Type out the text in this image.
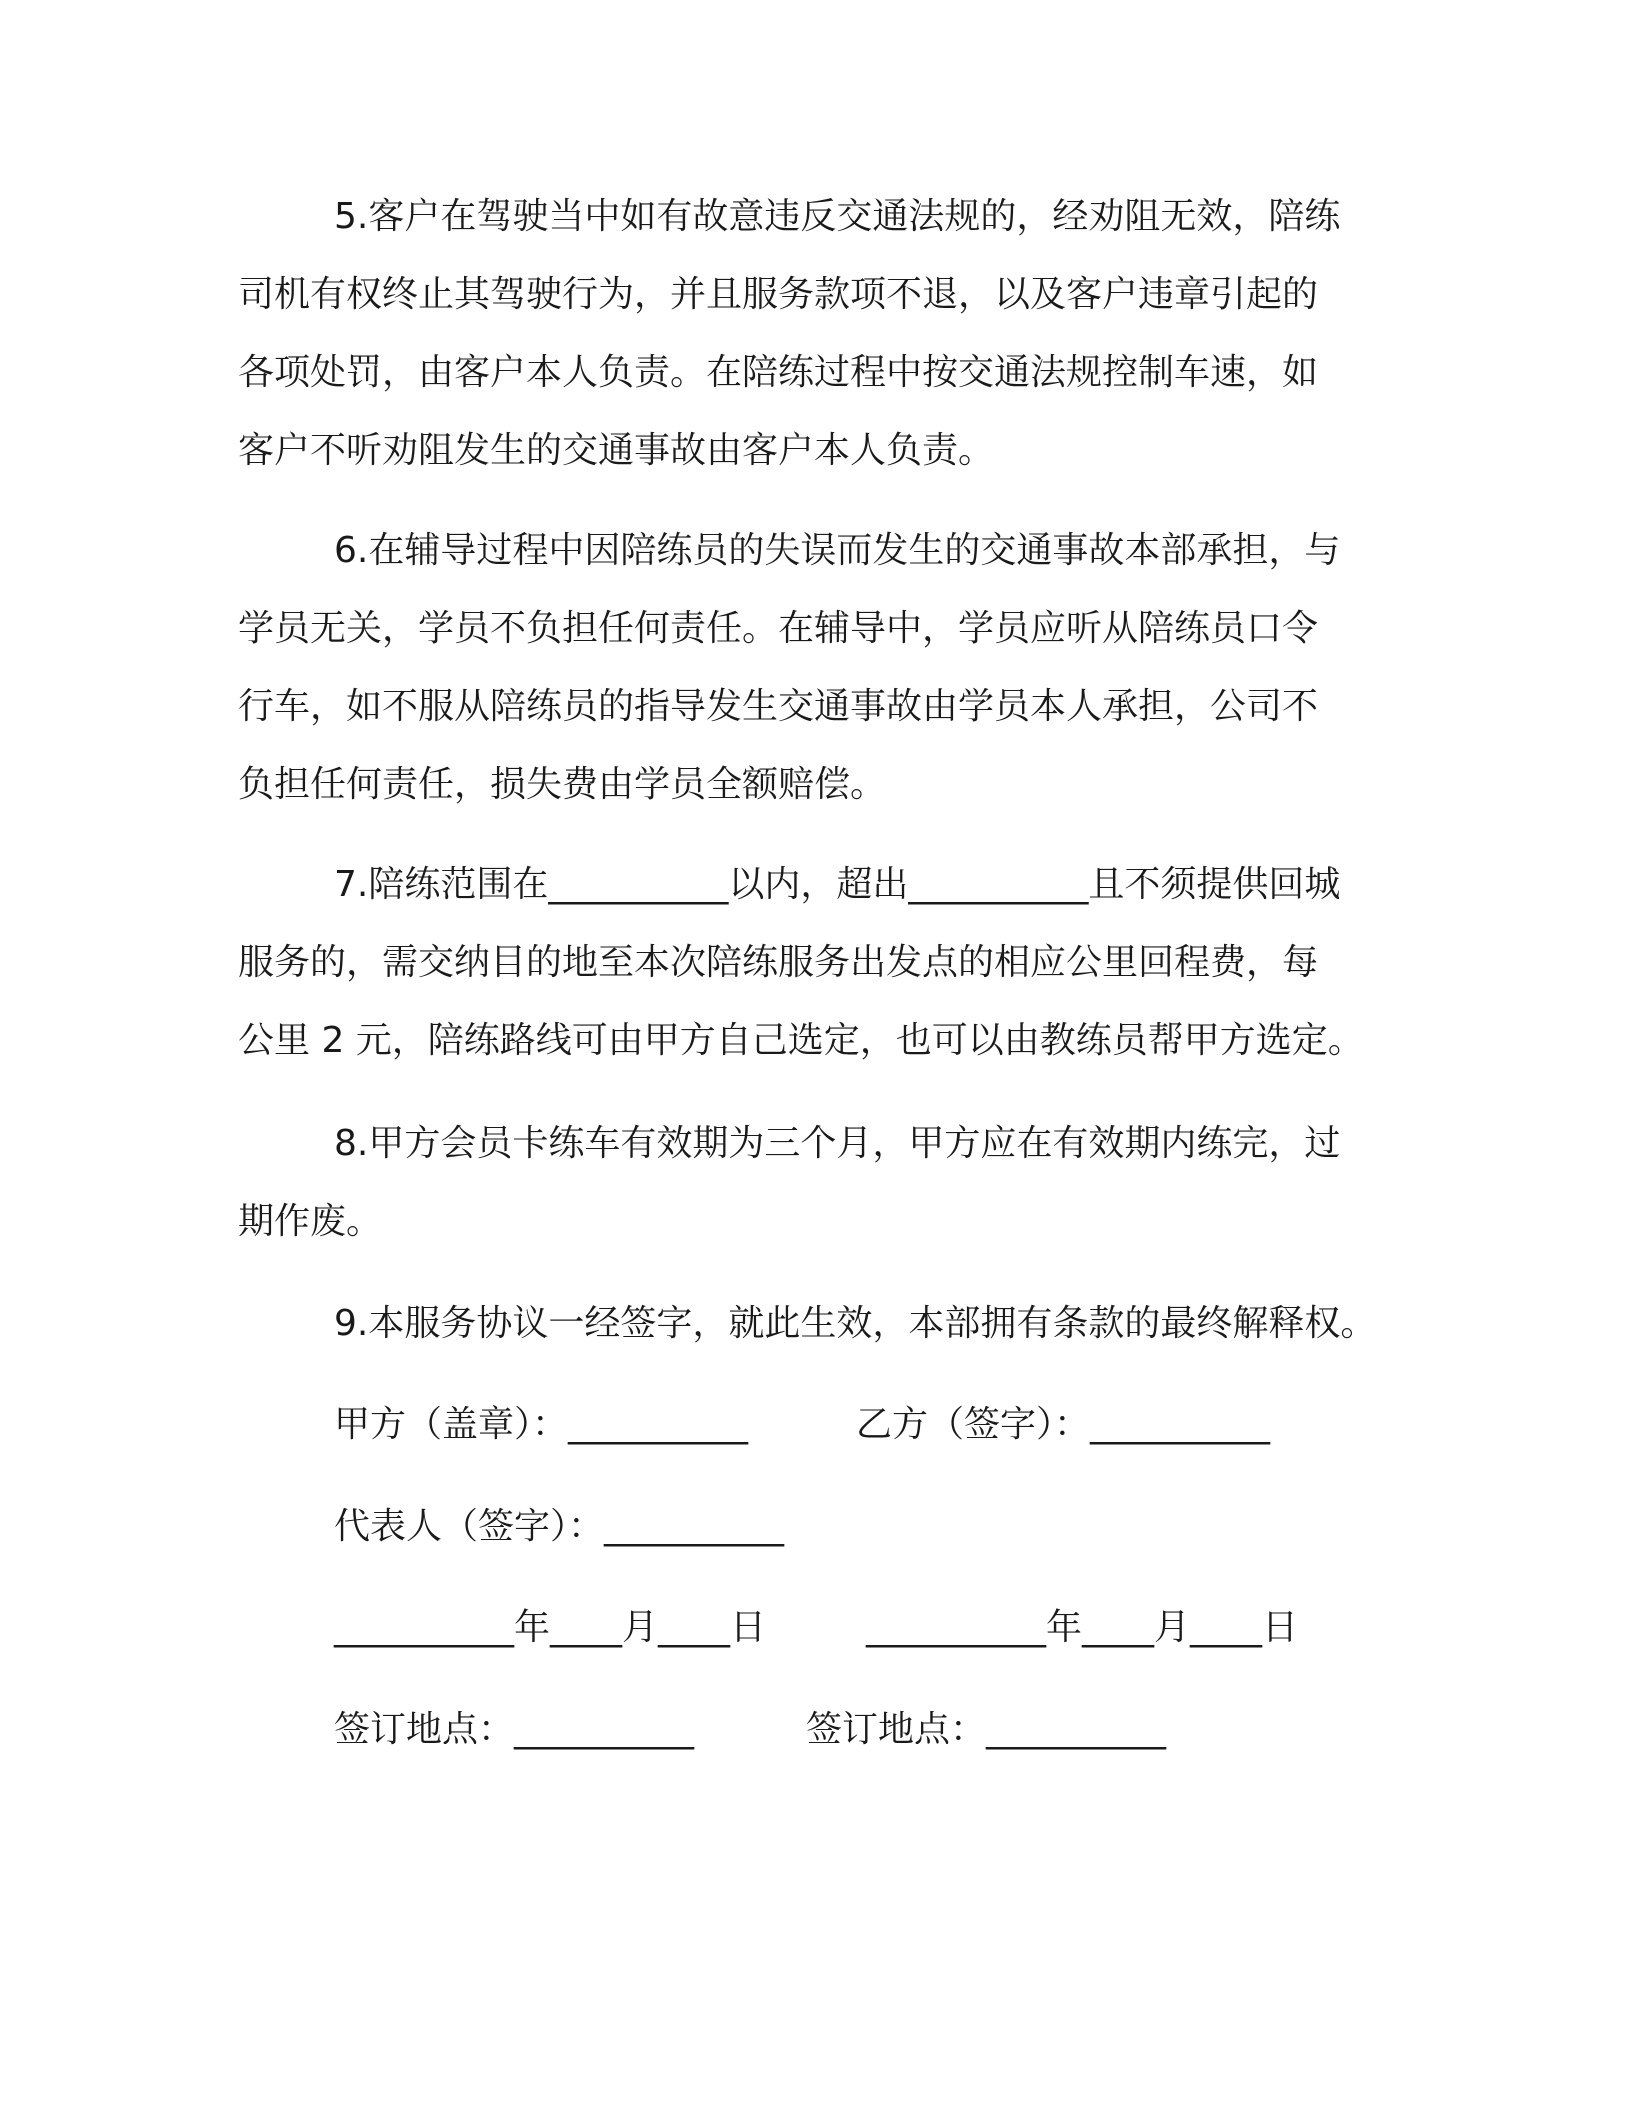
5.客户在驾驶当中如有故意违反交通法规的，经劝阻无效，陪练
司机有权终止其驾驶行为，并且服务款项不退，以及客户违章引起的
各项处罚，由客户本人负责。在陪练过程中按交通法规控制车速，如
客户不听劝阻发生的交通事故由客户本人负责。
6.在辅导过程中因陪练员的失误而发生的交通事故本部承担，与
学员无关，学员不负担任何责任。在辅导中，学员应听从陪练员口令
行车，如不服从陪练员的指导发生交通事故由学员本人承担，公司不
负担任何责任，损失费由学员全额赔偿。
7.陪练范围在__________以内，超出__________且不须提供回城
服务的，需交纳目的地至本次陪练服务出发点的相应公里回程费，每
公里 2 元，陪练路线可由甲方自己选定，也可以由教练员帮甲方选定。
8.甲方会员卡练车有效期为三个月，甲方应在有效期内练完，过
期作废。
9.本服务协议一经签字，就此生效，本部拥有条款的最终解释权。
甲方（盖章）：__________	乙方（签字）：__________
代表人（签字）：__________
__________年____月____日	__________年____月____日
签订地点：__________	签订地点：__________
